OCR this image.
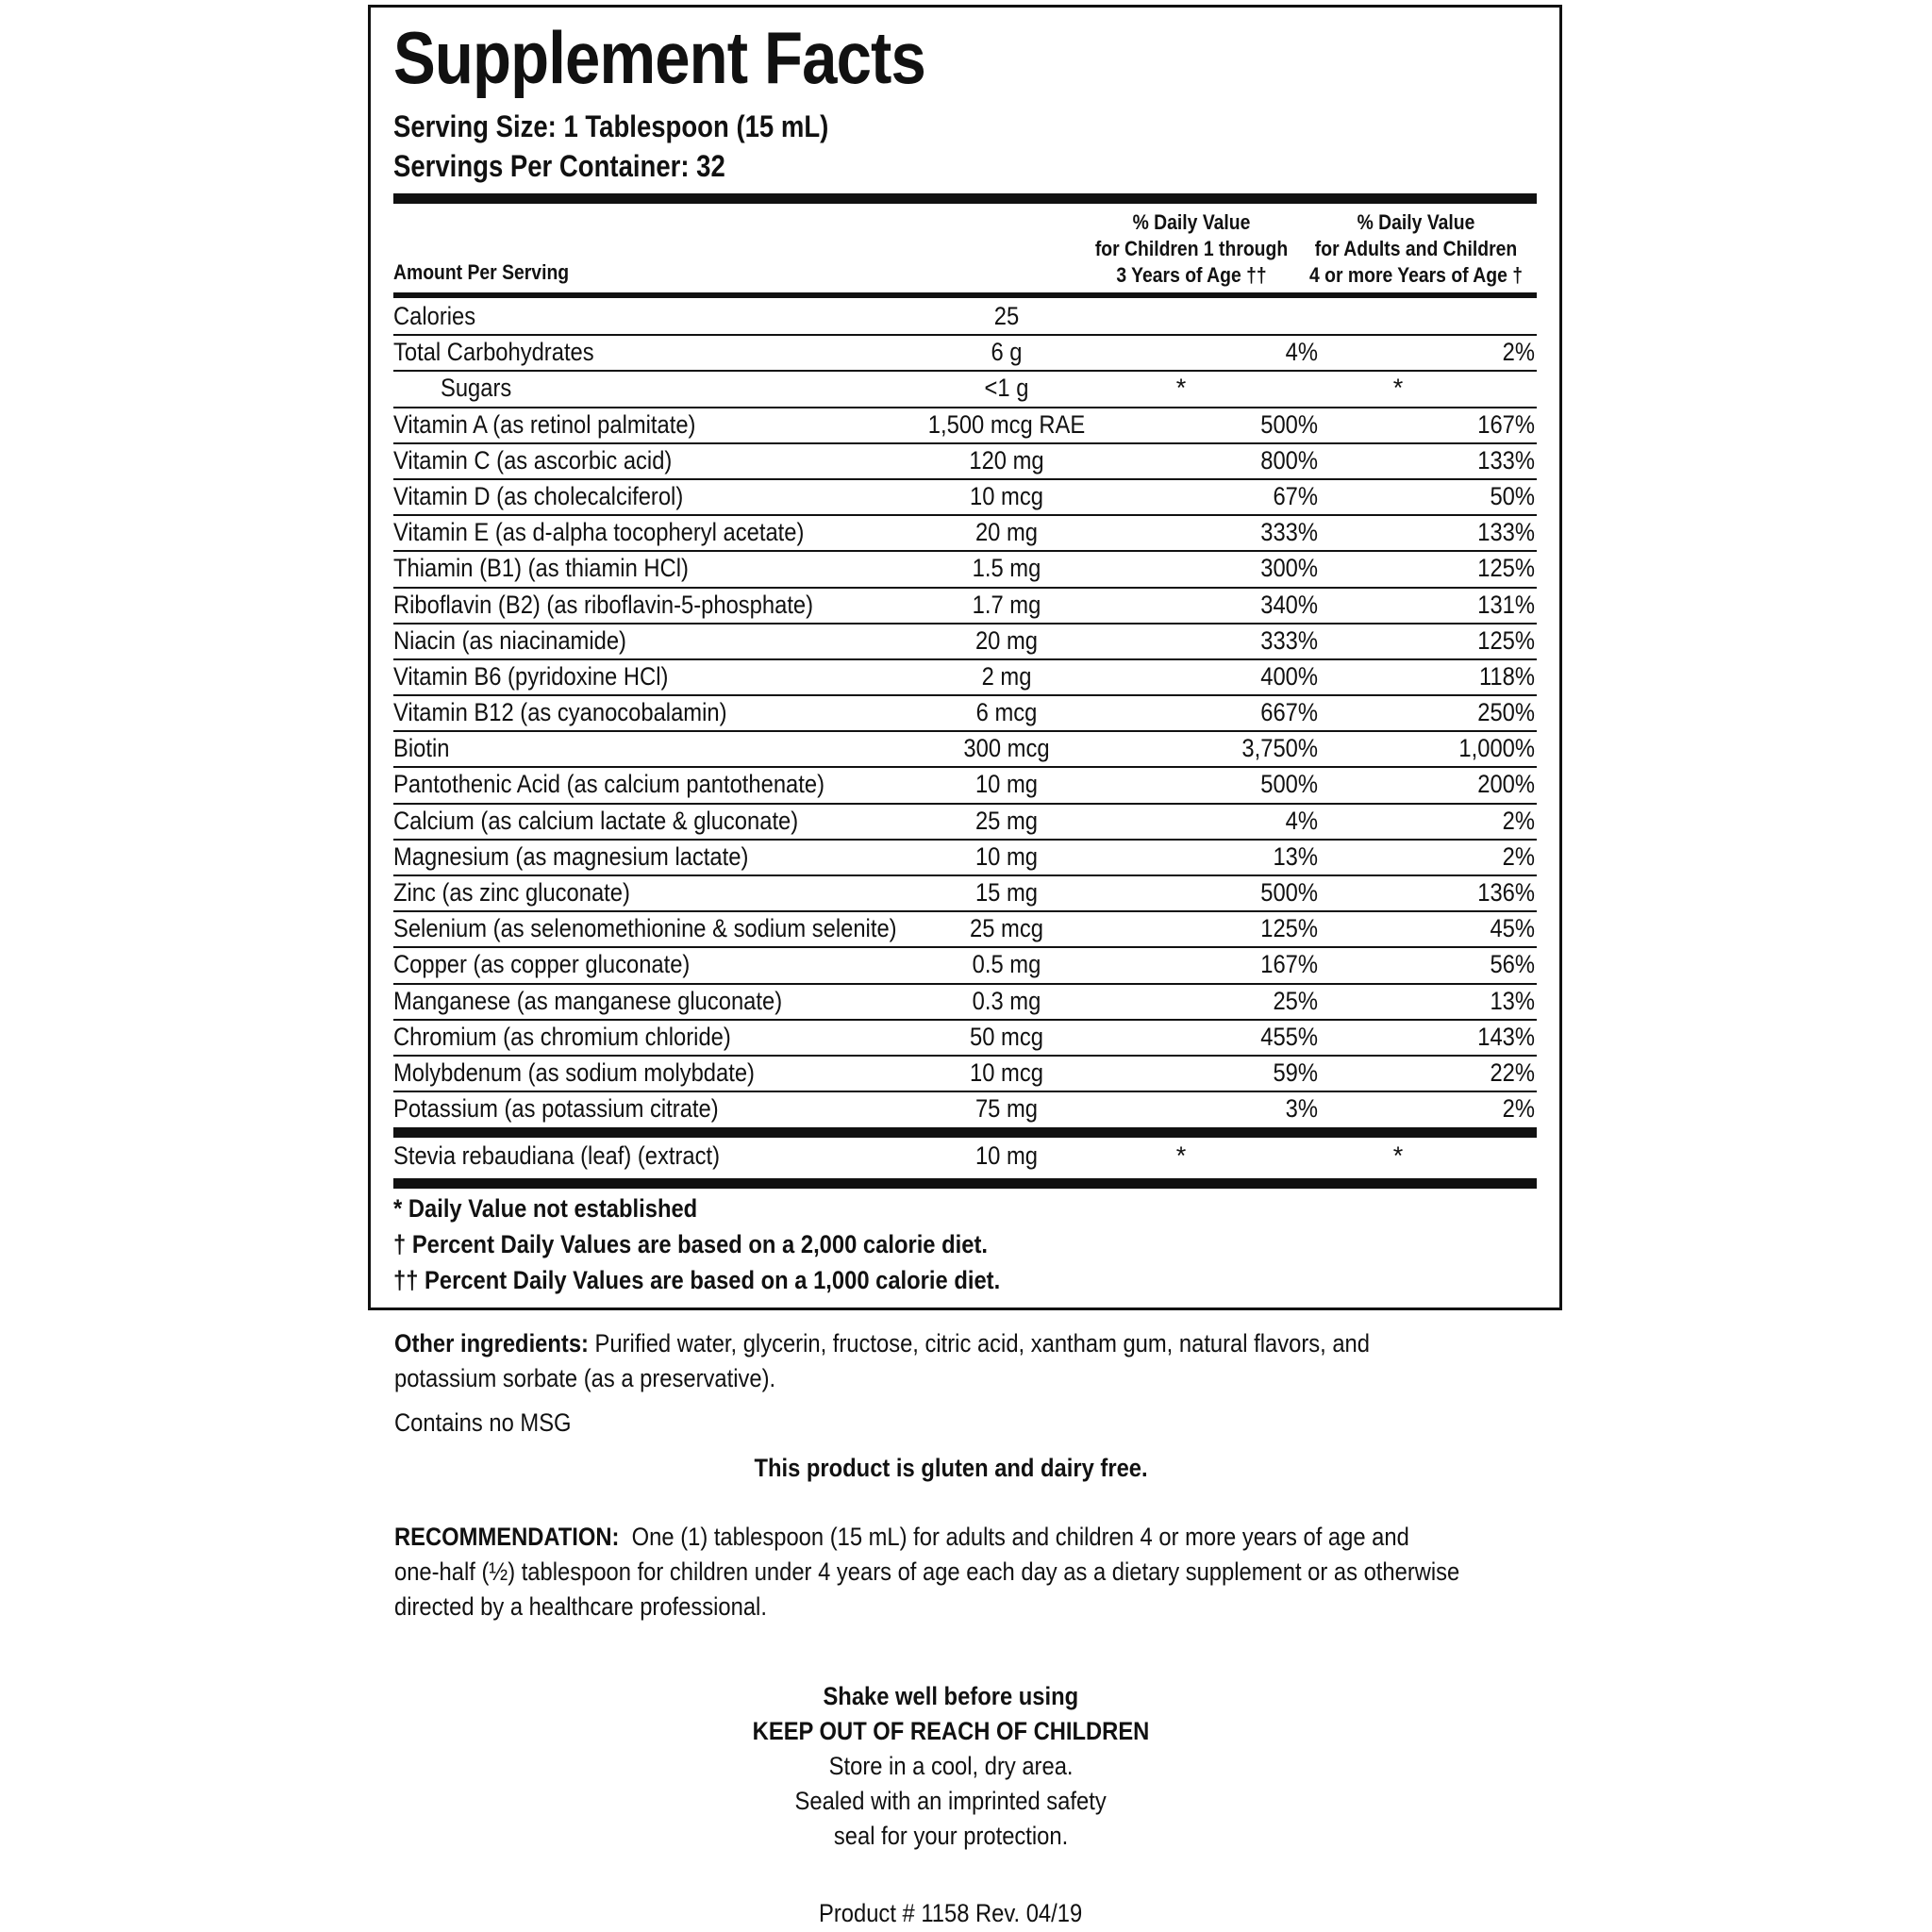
Supplement Facts
Serving Size: 1 Tablespoon (15 mL)
Servings Per Container: 32
% Daily Value
for Children 1 through
3 Years of Age ††
% Daily Value
for Adults and Children
4 or more Years of Age †
Amount Per Serving
Calories	25
Total Carbohydrates	6 g	4%	2%
Sugars	<1 g	*	*
Vitamin A (as retinol palmitate)	1,500 mcg RAE	500%	167%
Vitamin C (as ascorbic acid)	120 mg	800%	133%
Vitamin D (as cholecalciferol)	10 mcg	67%	50%
Vitamin E (as d-alpha tocopheryl acetate)	20 mg	333%	133%
Thiamin (B1) (as thiamin HCl)	1.5 mg	300%	125%
Riboflavin (B2) (as riboflavin-5-phosphate)	1.7 mg	340%	131%
Niacin (as niacinamide)	20 mg	333%	125%
Vitamin B6 (pyridoxine HCl)	2 mg	400%	118%
Vitamin B12 (as cyanocobalamin)	6 mcg	667%	250%
Biotin	300 mcg	3,750%	1,000%
Pantothenic Acid (as calcium pantothenate)	10 mg	500%	200%
Calcium (as calcium lactate & gluconate)	25 mg	4%	2%
Magnesium (as magnesium lactate)	10 mg	13%	2%
Zinc (as zinc gluconate)	15 mg	500%	136%
Selenium (as selenomethionine & sodium selenite)	25 mcg	125%	45%
Copper (as copper gluconate)	0.5 mg	167%	56%
Manganese (as manganese gluconate)	0.3 mg	25%	13%
Chromium (as chromium chloride)	50 mcg	455%	143%
Molybdenum (as sodium molybdate)	10 mcg	59%	22%
Potassium (as potassium citrate)	75 mg	3%	2%
Stevia rebaudiana (leaf) (extract)	10 mg	*	*
* Daily Value not established
† Percent Daily Values are based on a 2,000 calorie diet.
†† Percent Daily Values are based on a 1,000 calorie diet.
Other ingredients: Purified water, glycerin, fructose, citric acid, xantham gum, natural flavors, and
potassium sorbate (as a preservative).
Contains no MSG
This product is gluten and dairy free.
RECOMMENDATION: One (1) tablespoon (15 mL) for adults and children 4 or more years of age and
one-half (½) tablespoon for children under 4 years of age each day as a dietary supplement or as otherwise
directed by a healthcare professional.
Shake well before using
KEEP OUT OF REACH OF CHILDREN
Store in a cool, dry area.
Sealed with an imprinted safety
seal for your protection.
Product # 1158 Rev. 04/19
